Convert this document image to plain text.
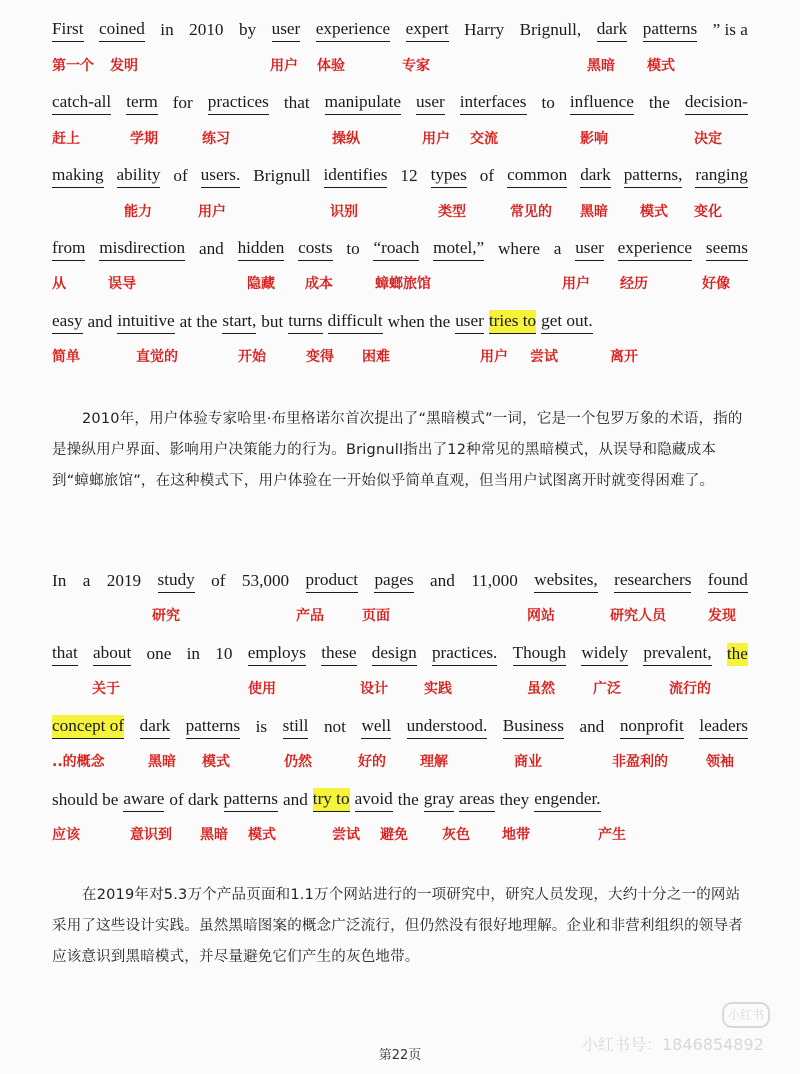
First coined in 2010 by user experience expert Harry Brignull, dark patterns ” is a
catch-all term for practices that manipulate user interfaces to influence the decision-
making ability of users. Brignull identifies 12 types of common dark patterns, ranging
from misdirection and hidden costs to “roach motel,” where a user experience seems
easy and intuitive at the start, but turns difficult when the user tries to get out.
第一个 发明	用户 体验	专家	黑暗 模式
赶上	学期	练习	操纵	用户 交流	影响	决定
能力	用户	识别	类型	常见的 黑暗 模式 变化
从	误导	隐藏 成本	蟑螂旅馆	用户 经历	好像
简单	直觉的	开始	变得 困难	用户 尝试	离开
2010年，用户体验专家哈里·布里格诺尔首次提出了“黑暗模式”一词，它是一个包罗万象的术语，指的是操纵用户界面、影响用户决策能力的行为。Brignull指出了12种常见的黑暗模式，从误导和隐藏成本到“蟑螂旅馆”，在这种模式下，用户体验在一开始似乎简单直观，但当用户试图离开时就变得困难了。
In a 2019 study of 53,000 product pages and 11,000 websites, researchers found
that about one in 10 employs these design practices. Though widely prevalent, the
concept of dark patterns is still not well understood. Business and nonprofit leaders
should be aware of dark patterns and try to avoid the gray areas they engender.
研究	产品	页面	网站	研究人员	发现
关于	使用	设计	实践	虽然	广泛	流行的
..的概念	黑暗 模式	仍然	好的 理解	商业	非盈利的	领袖
应该	意识到 黑暗 模式	尝试 避免 灰色 地带	产生
在2019年对5.3万个产品页面和1.1万个网站进行的一项研究中，研究人员发现，大约十分之一的网站采用了这些设计实践。虽然黑暗图案的概念广泛流行，但仍然没有很好地理解。企业和非营利组织的领导者应该意识到黑暗模式，并尽量避免它们产生的灰色地带。
第22页
小红书
小红书号：1846854892
